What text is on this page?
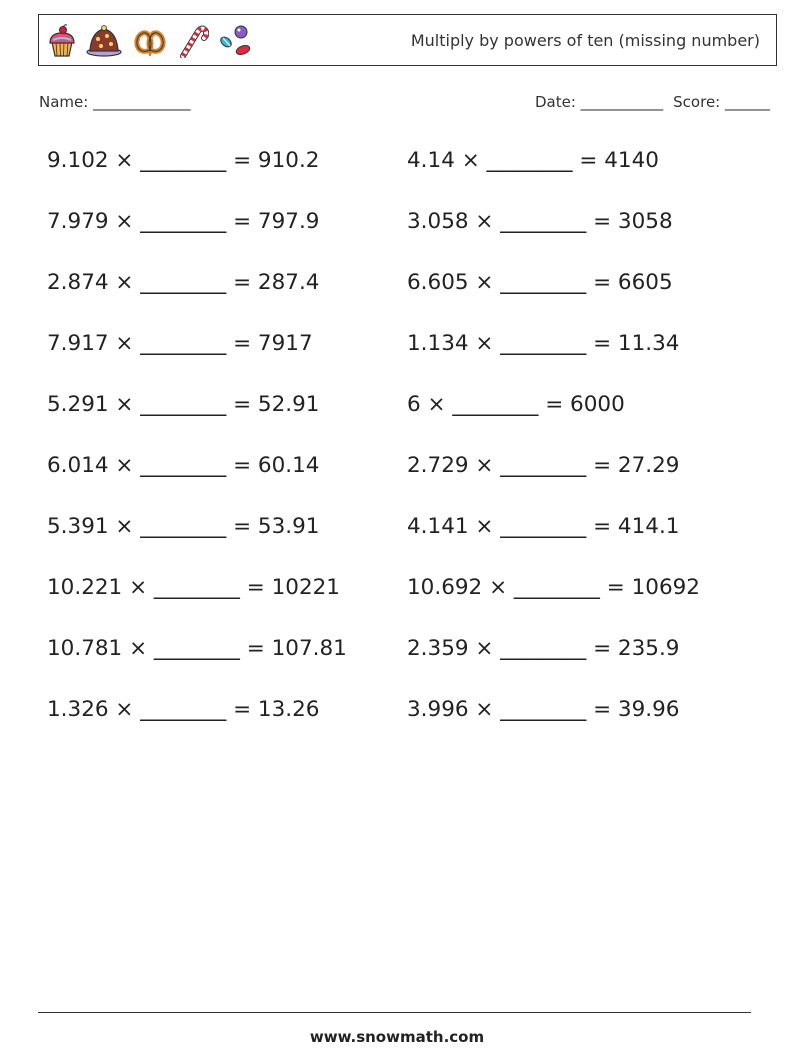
Multiply by powers of ten (missing number)
Name: _____________	Date: ___________ Score: ______
9.102 × ________ = 910.2
7.979 × ________ = 797.9
2.874 × ________ = 287.4
7.917 × ________ = 7917
5.291 × ________ = 52.91
6.014 × ________ = 60.14
5.391 × ________ = 53.91
10.221 × ________ = 10221
10.781 × ________ = 107.81
1.326 × ________ = 13.26
4.14 × ________ = 4140
3.058 × ________ = 3058
6.605 × ________ = 6605
1.134 × ________ = 11.34
6 × ________ = 6000
2.729 × ________ = 27.29
4.141 × ________ = 414.1
10.692 × ________ = 10692
2.359 × ________ = 235.9
3.996 × ________ = 39.96
www.snowmath.com
